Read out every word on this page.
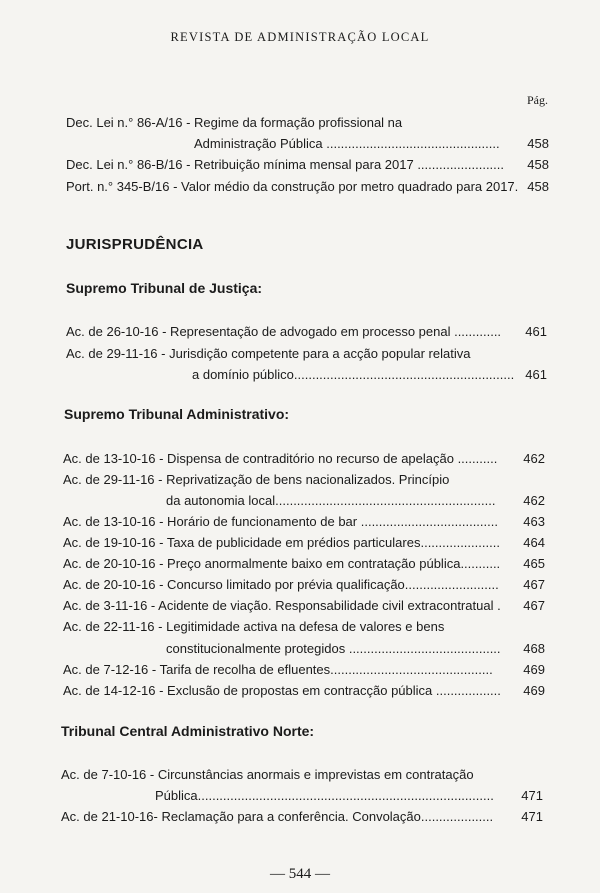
REVISTA DE ADMINISTRAÇÃO LOCAL
Pág.
Dec. Lei n.° 86-A/16 - Regime da formação profissional na
Administração Pública ................................................	458
Dec. Lei n.° 86-B/16 - Retribuição mínima mensal para 2017 ........................	458
Port. n.° 345-B/16 - Valor médio da construção por metro quadrado para 2017. 458
JURISPRUDÊNCIA
Supremo Tribunal de Justiça:
Ac. de 26-10-16 - Representação de advogado em processo penal .............	461
Ac. de 29-11-16 - Jurisdição competente para a acção popular relativa
a domínio público............................................................. 461
Supremo Tribunal Administrativo:
Ac. de 13-10-16 - Dispensa de contraditório no recurso de apelação ...........	462
Ac. de 29-11-16 - Reprivatização de bens nacionalizados. Princípio
da autonomia local.............................................................	462
Ac. de 13-10-16 - Horário de funcionamento de bar ......................................	463
Ac. de 19-10-16 - Taxa de publicidade em prédios particulares......................	464
Ac. de 20-10-16 - Preço anormalmente baixo em contratação pública...........	465
Ac. de 20-10-16 - Concurso limitado por prévia qualificação..........................	467
Ac. de 3-11-16 - Acidente de viação. Responsabilidade civil extracontratual .	467
Ac. de 22-11-16 - Legitimidade activa na defesa de valores e bens
constitucionalmente protegidos ..........................................	468
Ac. de 7-12-16 - Tarifa de recolha de efluentes.............................................	469
Ac. de 14-12-16 - Exclusão de propostas em contracção pública ..................	469
Tribunal Central Administrativo Norte:
Ac. de 7-10-16 - Circunstâncias anormais e imprevistas em contratação
Pública..................................................................................	471
Ac. de 21-10-16- Reclamação para a conferência. Convolação....................	471
— 544 —
